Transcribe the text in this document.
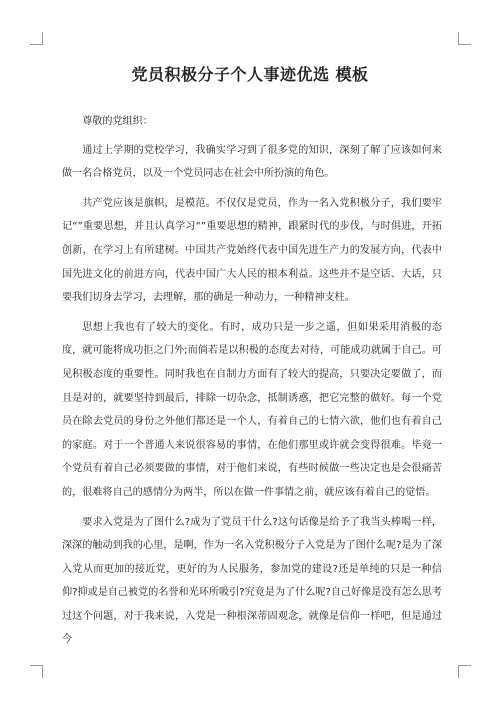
党员积极分子个人事迹优选 模板

尊敬的党组织：

通过上学期的党校学习，我确实学习到了很多党的知识，深刻了解了应该如何来做一名合格党员，以及一个党员同志在社会中所扮演的角色。

共产党应该是旗帜，是模范。不仅仅是党员，作为一名入党积极分子，我们要牢记“”重要思想，并且认真学习“”重要思想的精神，跟紧时代的步伐，与时俱进，开拓创新，在学习上有所建树。中国共产党始终代表中国先进生产力的发展方向，代表中国先进文化的前进方向，代表中国广大人民的根本利益。这些并不是空话、大话，只要我们切身去学习，去理解，那的确是一种动力，一种精神支柱。

思想上我也有了较大的变化。有时，成功只是一步之遥，但如果采用消极的态度，就可能将成功拒之门外;而倘若是以积极的态度去对待，可能成功就属于自己。可见积极态度的重要性。同时我也在自制力方面有了较大的提高，只要决定要做了，而且是对的，就要坚持到最后，排除一切杂念，抵制诱惑，把它完整的做好。每一个党员在除去党员的身份之外他们都还是一个人，有着自己的七情六欲，他们也有着自己的家庭。对于一个普通人来说很容易的事情，在他们那里或许就会变得很难。毕竟一个党员有着自己必须要做的事情，对于他们来说，有些时候做一些决定也是会很痛苦的，很难将自己的感情分为两半，所以在做一件事情之前，就应该有着自己的觉悟。

要求入党是为了图什么?成为了党员干什么?这句话像是给予了我当头棒喝一样，深深的触动到我的心里，是啊，作为一名入党积极分子入党是为了图什么呢?是为了深入党从而更加的接近党，更好的为人民服务，参加党的建设?还是单纯的只是一种信仰?抑或是自己被党的名誉和光环所吸引?究竟是为了什么呢?自己好像是没有怎么思考过这个问题，对于我来说，入党是一种根深蒂固观念，就像是信仰一样吧，但是通过今
